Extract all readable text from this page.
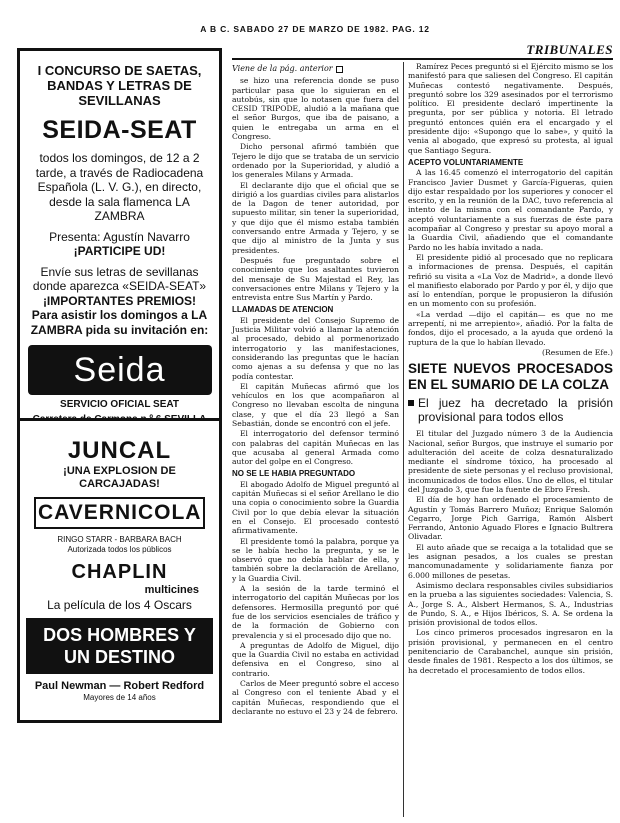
A B C. SABADO 27 DE MARZO DE 1982. PAG. 12
TRIBUNALES
I CONCURSO DE SAETAS, BANDAS Y LETRAS DE SEVILLANAS
SEIDA-SEAT
todos los domingos, de 12 a 2 tarde, a través de Radiocadena Española (L. V. G.), en directo, desde la sala flamenca LA ZAMBRA
Presenta: Agustín Navarro
¡PARTICIPE UD!
Envíe sus letras de sevillanas donde aparezca «SEIDA-SEAT»
¡IMPORTANTES PREMIOS!
Para asistir los domingos a LA ZAMBRA pida su invitación en:
Seida
SERVICIO OFICIAL SEAT
JUNCAL
¡UNA EXPLOSION DE CARCAJADAS!
CAVERNICOLA
RINGO STARR - BARBARA BACH
Autorizada todos los públicos
CHAPLIN
multicines
La película de los 4 Oscars
DOS HOMBRES Y UN DESTINO
Paul Newman — Robert Redford
Mayores de 14 años
Viene de la pág. anterior

se hizo una referencia donde se puso particular pasa que lo siguieran en el autobús, sin que lo notasen que fuera del CESID TRIPODE, aludió a la mañana que el señor Burgos, que iba de paisano, a quien le entregaba un arma en el Congreso.

Dicho personal afirmó también que Tejero le dijo que se trataba de un servicio ordenado por la Superioridad, y aludió a los generales Milans y Armada.

El declarante dijo que el oficial que se dirigió a los guardias civiles para alistarlos de la Dagon de tener autoridad, por supuesto militar, sin tener la superioridad, y que dijo que él mismo estaba también conversando entre Armada y Tejero, y se que dijo al ministro de la Junta y sus presidentes.

Después fue preguntado sobre el conocimiento que los asaltantes tuvieron del mensaje de Su Majestad el Rey, las conversaciones entre Milans y Tejero y la entrevista entre Sus Martín y Pardo.

LLAMADAS DE ATENCION

El presidente del Consejo Supremo de Justicia Militar volvió a llamar la atención al procesado, debido al pormenorizado interrogatorio y las manifestaciones, considerando las preguntas que le hacían como ajenas a su defensa y que no las podía contestar.

El capitán Muñecas afirmó que los vehículos en los que acompañaron al Congreso no llevaban escolta de ninguna clase, y que el día 23 llegó a San Sebastián, donde se encontró con el jefe.

El interrogatorio del defensor terminó con palabras del capitán Muñecas en las que acusaba al general Armada como autor del golpe en el Congreso.

NO SE LE HABIA PREGUNTADO

El abogado Adolfo de Miguel preguntó al capitán Muñecas si el señor Arellano le dio una copia o conocimiento sobre la Guardia Civil por lo que debía elevar la situación en el Consejo. El procesado contestó afirmativamente.

El presidente tomó la palabra, porque ya se le había hecho la pregunta, y se le observó que no debía hablar de ella, y también sobre la declaración de Arellano, y la Guardia Civil.

A la sesión de la tarde terminó el interrogatorio del capitán Muñecas por los defensores. Hermosilla preguntó por qué fue de los servicios esenciales de tráfico y de la formación de Gobierno con prevalencia y si el procesado dijo que no.

A preguntas de Adolfo de Miguel, dijo que la Guardia Civil no estaba en actividad defensiva en el Congreso, sino al contrario.

Carlos de Meer preguntó sobre el acceso al Congreso con el teniente Abad y el capitán Muñecas, respondiendo que el declarante no estuvo el 23 y 24 de febrero.

Ramírez Peces preguntó si el Ejército mismo se los manifestó para que saliesen del Congreso. El capitán Muñecas contestó negativamente. Después, preguntó sobre los 329 asesinados por el terrorismo político. El presidente declaró impertinente la pregunta, por ser pública y notoria. El letrado preguntó entonces quién era el encargado y el presidente dijo: «Supongo que lo sabe», y quitó la venia al abogado, que expresó su protesta, al igual que Santiago Segura.

ACEPTO VOLUNTARIAMENTE

A las 16.45 comenzó el interrogatorio del capitán Francisco Javier Dusmet y García-Figueras, quien dijo estar respaldado por los superiores y conocer el escrito, y en la reunión de la DAC, tuvo referencia al intento de la misma con el comandante Pardo, y aceptó voluntariamente a sus fuerzas de éste para acompañar al Congreso y prestar su apoyo moral a la Guardia Civil, añadiendo que el comandante Pardo no les había invitado a nada.

El presidente pidió al procesado que no replicara a informaciones de prensa. Después, el capitán refirió su visita a «La Voz de Madrid», a donde llevó el manifiesto elaborado por Pardo y por él, y dijo que así lo entendían, porque le propusieron la difusión en un momento con su profesión.

«La verdad —dijo el capitán— es que no me arrepentí, ni me arrepiento», añadió. Por la falta de fondos, dijo el procesado, a la ayuda que ordenó la ruptura de la que lo habían llevado.

(Resumen de Efe.)
SIETE NUEVOS PROCESADOS EN EL SUMARIO DE LA COLZA
El juez ha decretado la prisión provisional para todos ellos

El titular del Juzgado número 3 de la Audiencia Nacional, señor Burgos, que instruye el sumario por adulteración del aceite de colza desnaturalizado mediante el síndrome tóxico, ha procesado al presidente de siete personas y el recluso provisional, incomunicados de todos ellos. Uno de ellos, el titular del Juzgado 3, que fue la fuente de Ebro Fresh.

El día de hoy han ordenado el procesamiento de Agustín y Tomás Barrero Muñoz; Enrique Salomón Cegarro, Jorge Pich Garriga, Ramón Alsbert Ferrando, Antonio Aguado Flores e Ignacio Bultrera Olivadar.

El auto añade que se recaiga a la totalidad que se les asignan pesados, a los cuales se prestan mancomunadamente y solidariamente fianza por 6.000 millones de pesetas.

Asimismo declara responsables civiles subsidiarios en la prueba a las siguientes sociedades: Valencia, S. A., Jorge S. A., Alsbert Hermanos, S. A., Industrias de Pundo, S. A., e Hijos Ibéricos, S. A. Se ordena la prisión provisional de todos ellos.

Los cinco primeros procesados ingresaron en la prisión provisional, y permanecen en el centro penitenciario de Carabanchel, aunque sin prisión, desde finales de 1981. Respecto a los dos últimos, se ha decretado el procesamiento de todos ellos.
